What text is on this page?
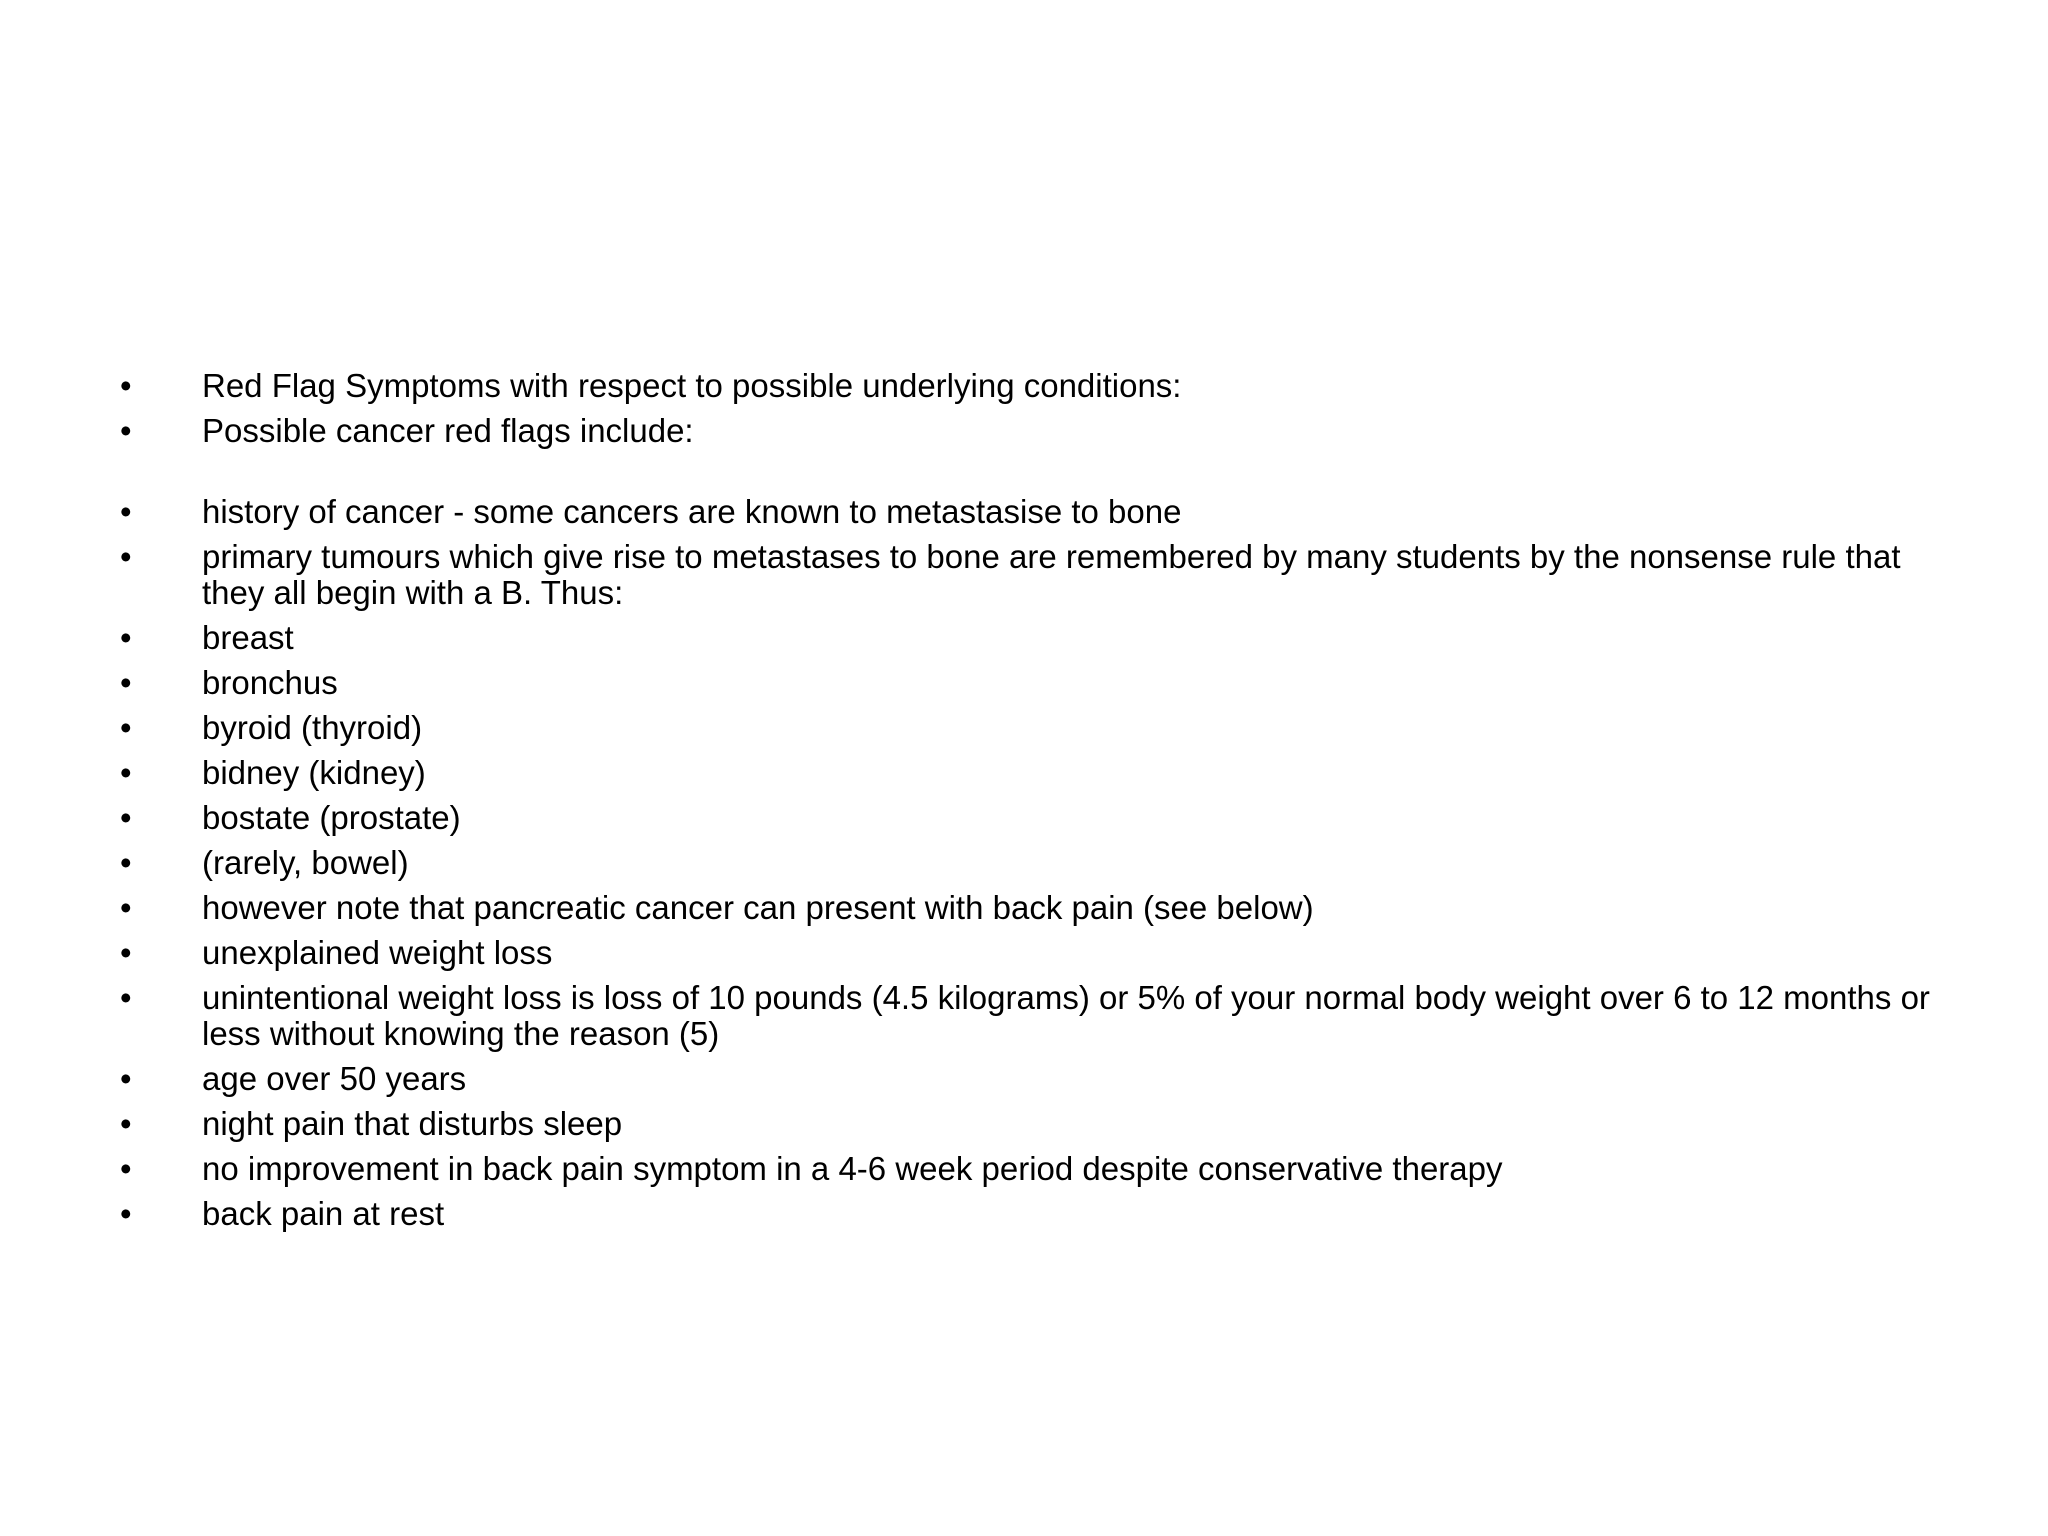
•	Red Flag Symptoms with respect to possible underlying conditions:
•	Possible cancer red flags include:
•	history of cancer - some cancers are known to metastasise to bone
•	primary tumours which give rise to metastases to bone are remembered by many students by the nonsense rule that they all begin with a B. Thus:
•	breast
•	bronchus
•	byroid (thyroid)
•	bidney (kidney)
•	bostate (prostate)
•	(rarely, bowel)
•	however note that pancreatic cancer can present with back pain (see below)
•	unexplained weight loss
•	unintentional weight loss is loss of 10 pounds (4.5 kilograms) or 5% of your normal body weight over 6 to 12 months or less without knowing the reason (5)
•	age over 50 years
•	night pain that disturbs sleep
•	no improvement in back pain symptom in a 4-6 week period despite conservative therapy
•	back pain at rest
